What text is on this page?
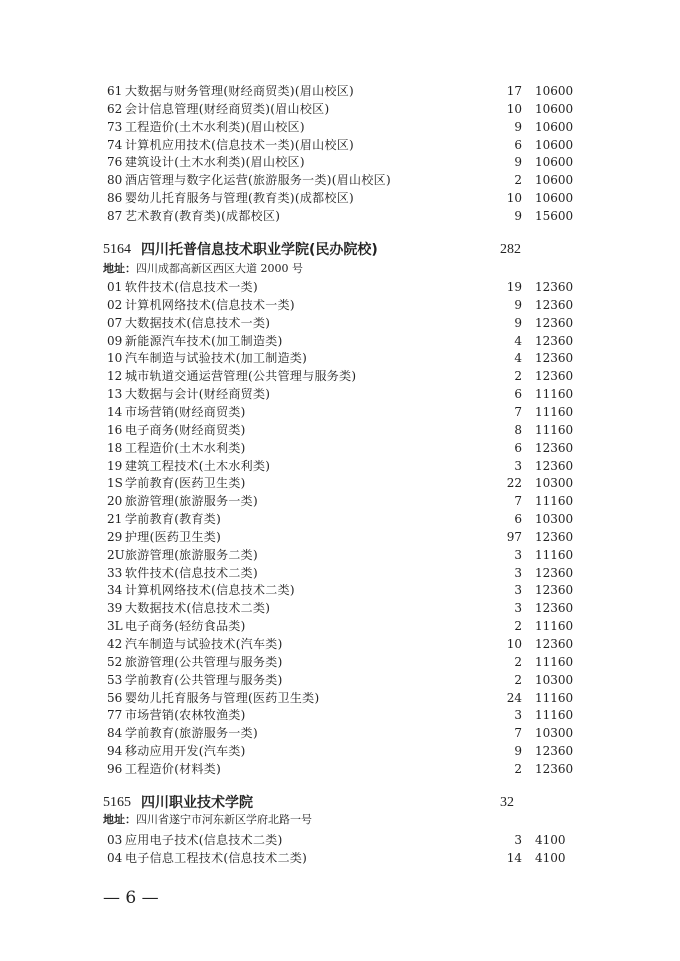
61 大数据与财务管理(财经商贸类)(眉山校区)	17 10600
62 会计信息管理(财经商贸类)(眉山校区)	10 10600
73 工程造价(土木水利类)(眉山校区)	9 10600
74 计算机应用技术(信息技术一类)(眉山校区)	6 10600
76 建筑设计(土木水利类)(眉山校区)	9 10600
80 酒店管理与数字化运营(旅游服务一类)(眉山校区)	2 10600
86 婴幼儿托育服务与管理(教育类)(成都校区)	10 10600
87 艺术教育(教育类)(成都校区)	9 15600
5164 四川托普信息技术职业学院(民办院校)	282
地址：四川成都高新区西区大道 2000 号
01 软件技术(信息技术一类)	19 12360
02 计算机网络技术(信息技术一类)	9 12360
07 大数据技术(信息技术一类)	9 12360
09 新能源汽车技术(加工制造类)	4 12360
10 汽车制造与试验技术(加工制造类)	4 12360
12 城市轨道交通运营管理(公共管理与服务类)	2 12360
13 大数据与会计(财经商贸类)	6 11160
14 市场营销(财经商贸类)	7 11160
16 电子商务(财经商贸类)	8 11160
18 工程造价(土木水利类)	6 12360
19 建筑工程技术(土木水利类)	3 12360
1S 学前教育(医药卫生类)	22 10300
20 旅游管理(旅游服务一类)	7 11160
21 学前教育(教育类)	6 10300
29 护理(医药卫生类)	97 12360
2U 旅游管理(旅游服务二类)	3 11160
33 软件技术(信息技术二类)	3 12360
34 计算机网络技术(信息技术二类)	3 12360
39 大数据技术(信息技术二类)	3 12360
3L 电子商务(轻纺食品类)	2 11160
42 汽车制造与试验技术(汽车类)	10 12360
52 旅游管理(公共管理与服务类)	2 11160
53 学前教育(公共管理与服务类)	2 10300
56 婴幼儿托育服务与管理(医药卫生类)	24 11160
77 市场营销(农林牧渔类)	3 11160
84 学前教育(旅游服务一类)	7 10300
94 移动应用开发(汽车类)	9 12360
96 工程造价(材料类)	2 12360
5165 四川职业技术学院	32
地址：四川省遂宁市河东新区学府北路一号
03 应用电子技术(信息技术二类)	3 4100
04 电子信息工程技术(信息技术二类)	14 4100
— 6 —
